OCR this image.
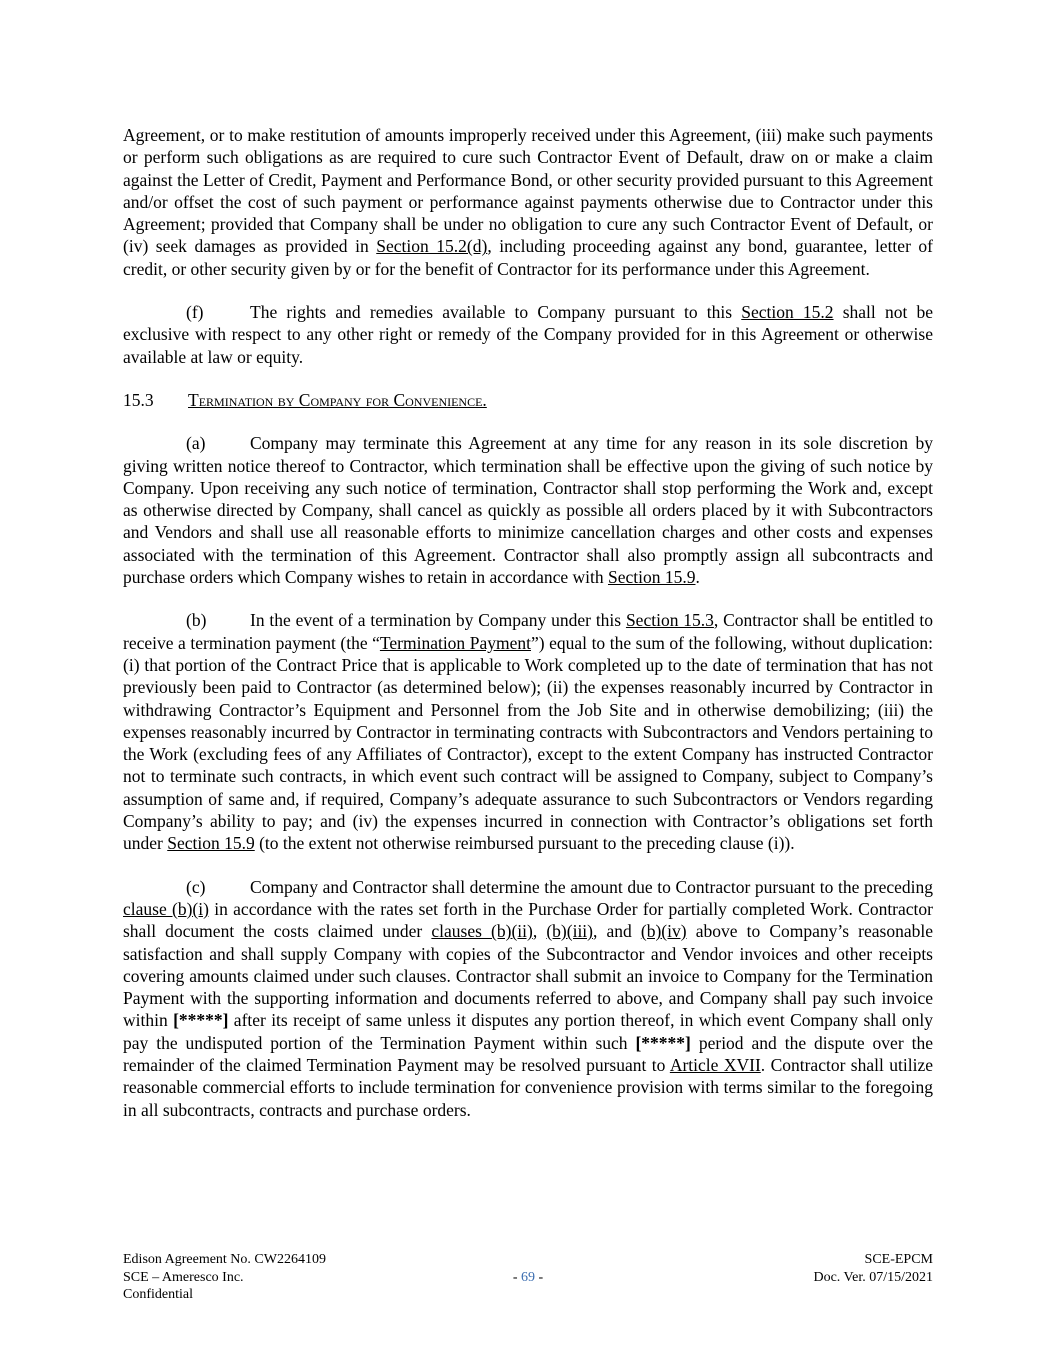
Agreement, or to make restitution of amounts improperly received under this Agreement, (iii) make such payments or perform such obligations as are required to cure such Contractor Event of Default, draw on or make a claim against the Letter of Credit, Payment and Performance Bond, or other security provided pursuant to this Agreement and/or offset the cost of such payment or performance against payments otherwise due to Contractor under this Agreement; provided that Company shall be under no obligation to cure any such Contractor Event of Default, or (iv) seek damages as provided in Section 15.2(d), including proceeding against any bond, guarantee, letter of credit, or other security given by or for the benefit of Contractor for its performance under this Agreement.

(f)	The rights and remedies available to Company pursuant to this Section 15.2 shall not be exclusive with respect to any other right or remedy of the Company provided for in this Agreement or otherwise available at law or equity.

15.3 Termination by Company for Convenience.

(a)	Company may terminate this Agreement at any time for any reason in its sole discretion by giving written notice thereof to Contractor, which termination shall be effective upon the giving of such notice by Company. Upon receiving any such notice of termination, Contractor shall stop performing the Work and, except as otherwise directed by Company, shall cancel as quickly as possible all orders placed by it with Subcontractors and Vendors and shall use all reasonable efforts to minimize cancellation charges and other costs and expenses associated with the termination of this Agreement. Contractor shall also promptly assign all subcontracts and purchase orders which Company wishes to retain in accordance with Section 15.9.

(b) In the event of a termination by Company under this Section 15.3, Contractor shall be entitled to receive a termination payment (the “Termination Payment”) equal to the sum of the following, without duplication: (i) that portion of the Contract Price that is applicable to Work completed up to the date of termination that has not previously been paid to Contractor (as determined below); (ii) the expenses reasonably incurred by Contractor in withdrawing Contractor’s Equipment and Personnel from the Job Site and in otherwise demobilizing; (iii) the expenses reasonably incurred by Contractor in terminating contracts with Subcontractors and Vendors pertaining to the Work (excluding fees of any Affiliates of Contractor), except to the extent Company has instructed Contractor not to terminate such contracts, in which event such contract will be assigned to Company, subject to Company’s assumption of same and, if required, Company’s adequate assurance to such Subcontractors or Vendors regarding Company’s ability to pay; and (iv) the expenses incurred in connection with Contractor’s obligations set forth under Section 15.9 (to the extent not otherwise reimbursed pursuant to the preceding clause (i)).

(c)	Company and Contractor shall determine the amount due to Contractor pursuant to the preceding clause (b)(i) in accordance with the rates set forth in the Purchase Order for partially completed Work. Contractor shall document the costs claimed under clauses (b)(ii), (b)(iii), and (b)(iv) above to Company’s reasonable satisfaction and shall supply Company with copies of the Subcontractor and Vendor invoices and other receipts covering amounts claimed under such clauses. Contractor shall submit an invoice to Company for the Termination Payment with the supporting information and documents referred to above, and Company shall pay such invoice within [*****] after its receipt of same unless it disputes any portion thereof, in which event Company shall only pay the undisputed portion of the Termination Payment within such [*****] period and the dispute over the remainder of the claimed Termination Payment may be resolved pursuant to Article XVII. Contractor shall utilize reasonable commercial efforts to include termination for convenience provision with terms similar to the foregoing in all subcontracts, contracts and purchase orders.

Edison Agreement No. CW2264109
SCE – Ameresco Inc.
Confidential
- 69 -
SCE-EPCM
Doc. Ver. 07/15/2021
